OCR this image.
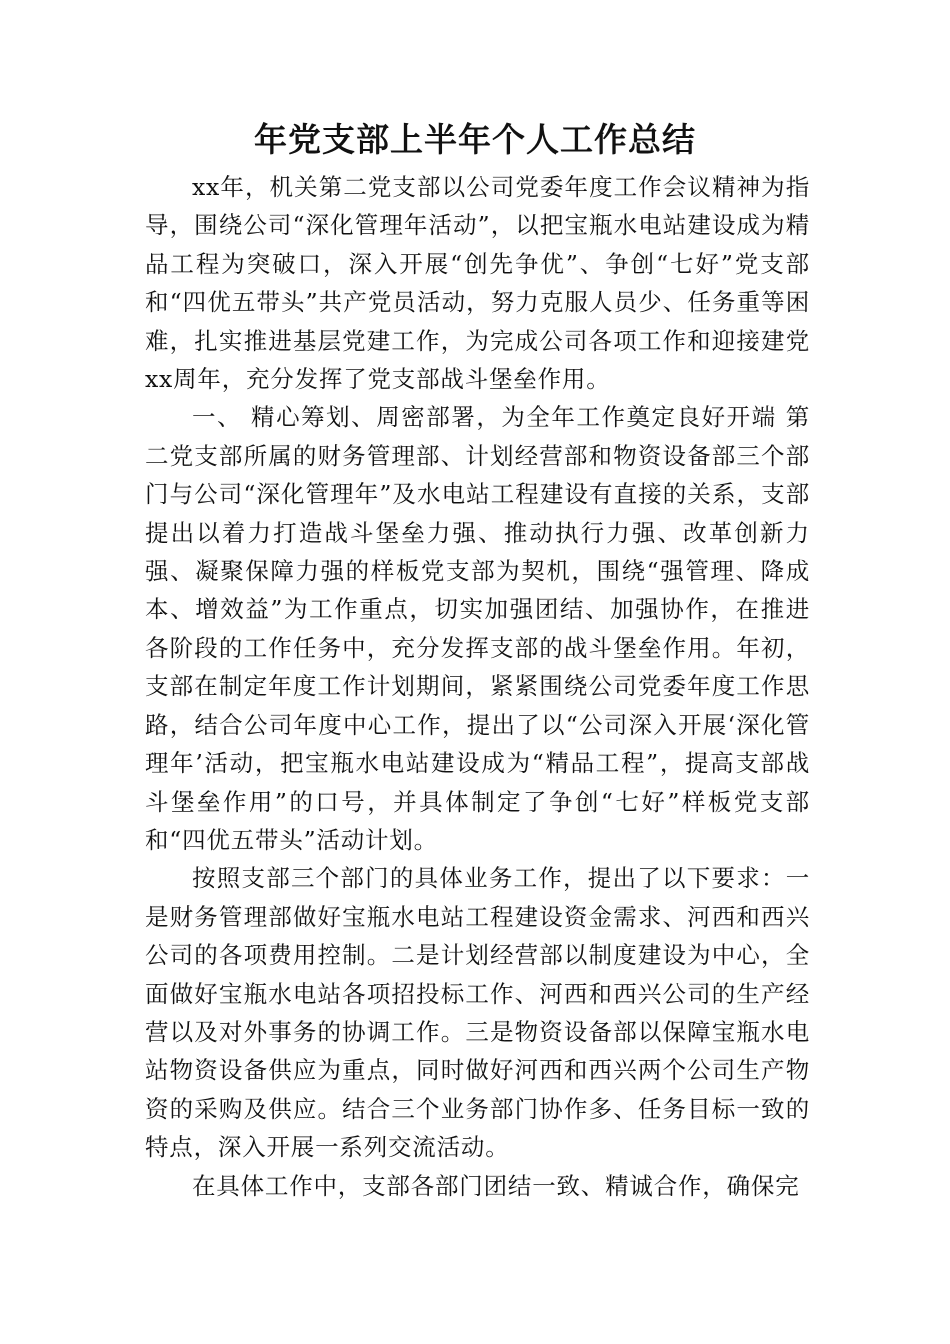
年党支部上半年个人工作总结

xx年，机关第二党支部以公司党委年度工作会议精神为指导，围绕公司“深化管理年活动”，以把宝瓶水电站建设成为精品工程为突破口，深入开展“创先争优”、争创“七好”党支部和“四优五带头”共产党员活动，努力克服人员少、任务重等困难，扎实推进基层党建工作，为完成公司各项工作和迎接建党xx周年，充分发挥了党支部战斗堡垒作用。

一、 精心筹划、周密部署，为全年工作奠定良好开端 第二党支部所属的财务管理部、计划经营部和物资设备部三个部门与公司“深化管理年”及水电站工程建设有直接的关系，支部提出以着力打造战斗堡垒力强、推动执行力强、改革创新力强、凝聚保障力强的样板党支部为契机，围绕“强管理、降成本、增效益”为工作重点，切实加强团结、加强协作，在推进各阶段的工作任务中，充分发挥支部的战斗堡垒作用。年初，支部在制定年度工作计划期间，紧紧围绕公司党委年度工作思路，结合公司年度中心工作，提出了以“公司深入开展‘深化管理年’活动，把宝瓶水电站建设成为“精品工程”，提高支部战斗堡垒作用”的口号，并具体制定了争创“七好”样板党支部和“四优五带头”活动计划。

按照支部三个部门的具体业务工作，提出了以下要求：一是财务管理部做好宝瓶水电站工程建设资金需求、河西和西兴公司的各项费用控制。二是计划经营部以制度建设为中心，全面做好宝瓶水电站各项招投标工作、河西和西兴公司的生产经营以及对外事务的协调工作。三是物资设备部以保障宝瓶水电站物资设备供应为重点，同时做好河西和西兴两个公司生产物资的采购及供应。结合三个业务部门协作多、任务目标一致的特点，深入开展一系列交流活动。

在具体工作中，支部各部门团结一致、精诚合作，确保完
